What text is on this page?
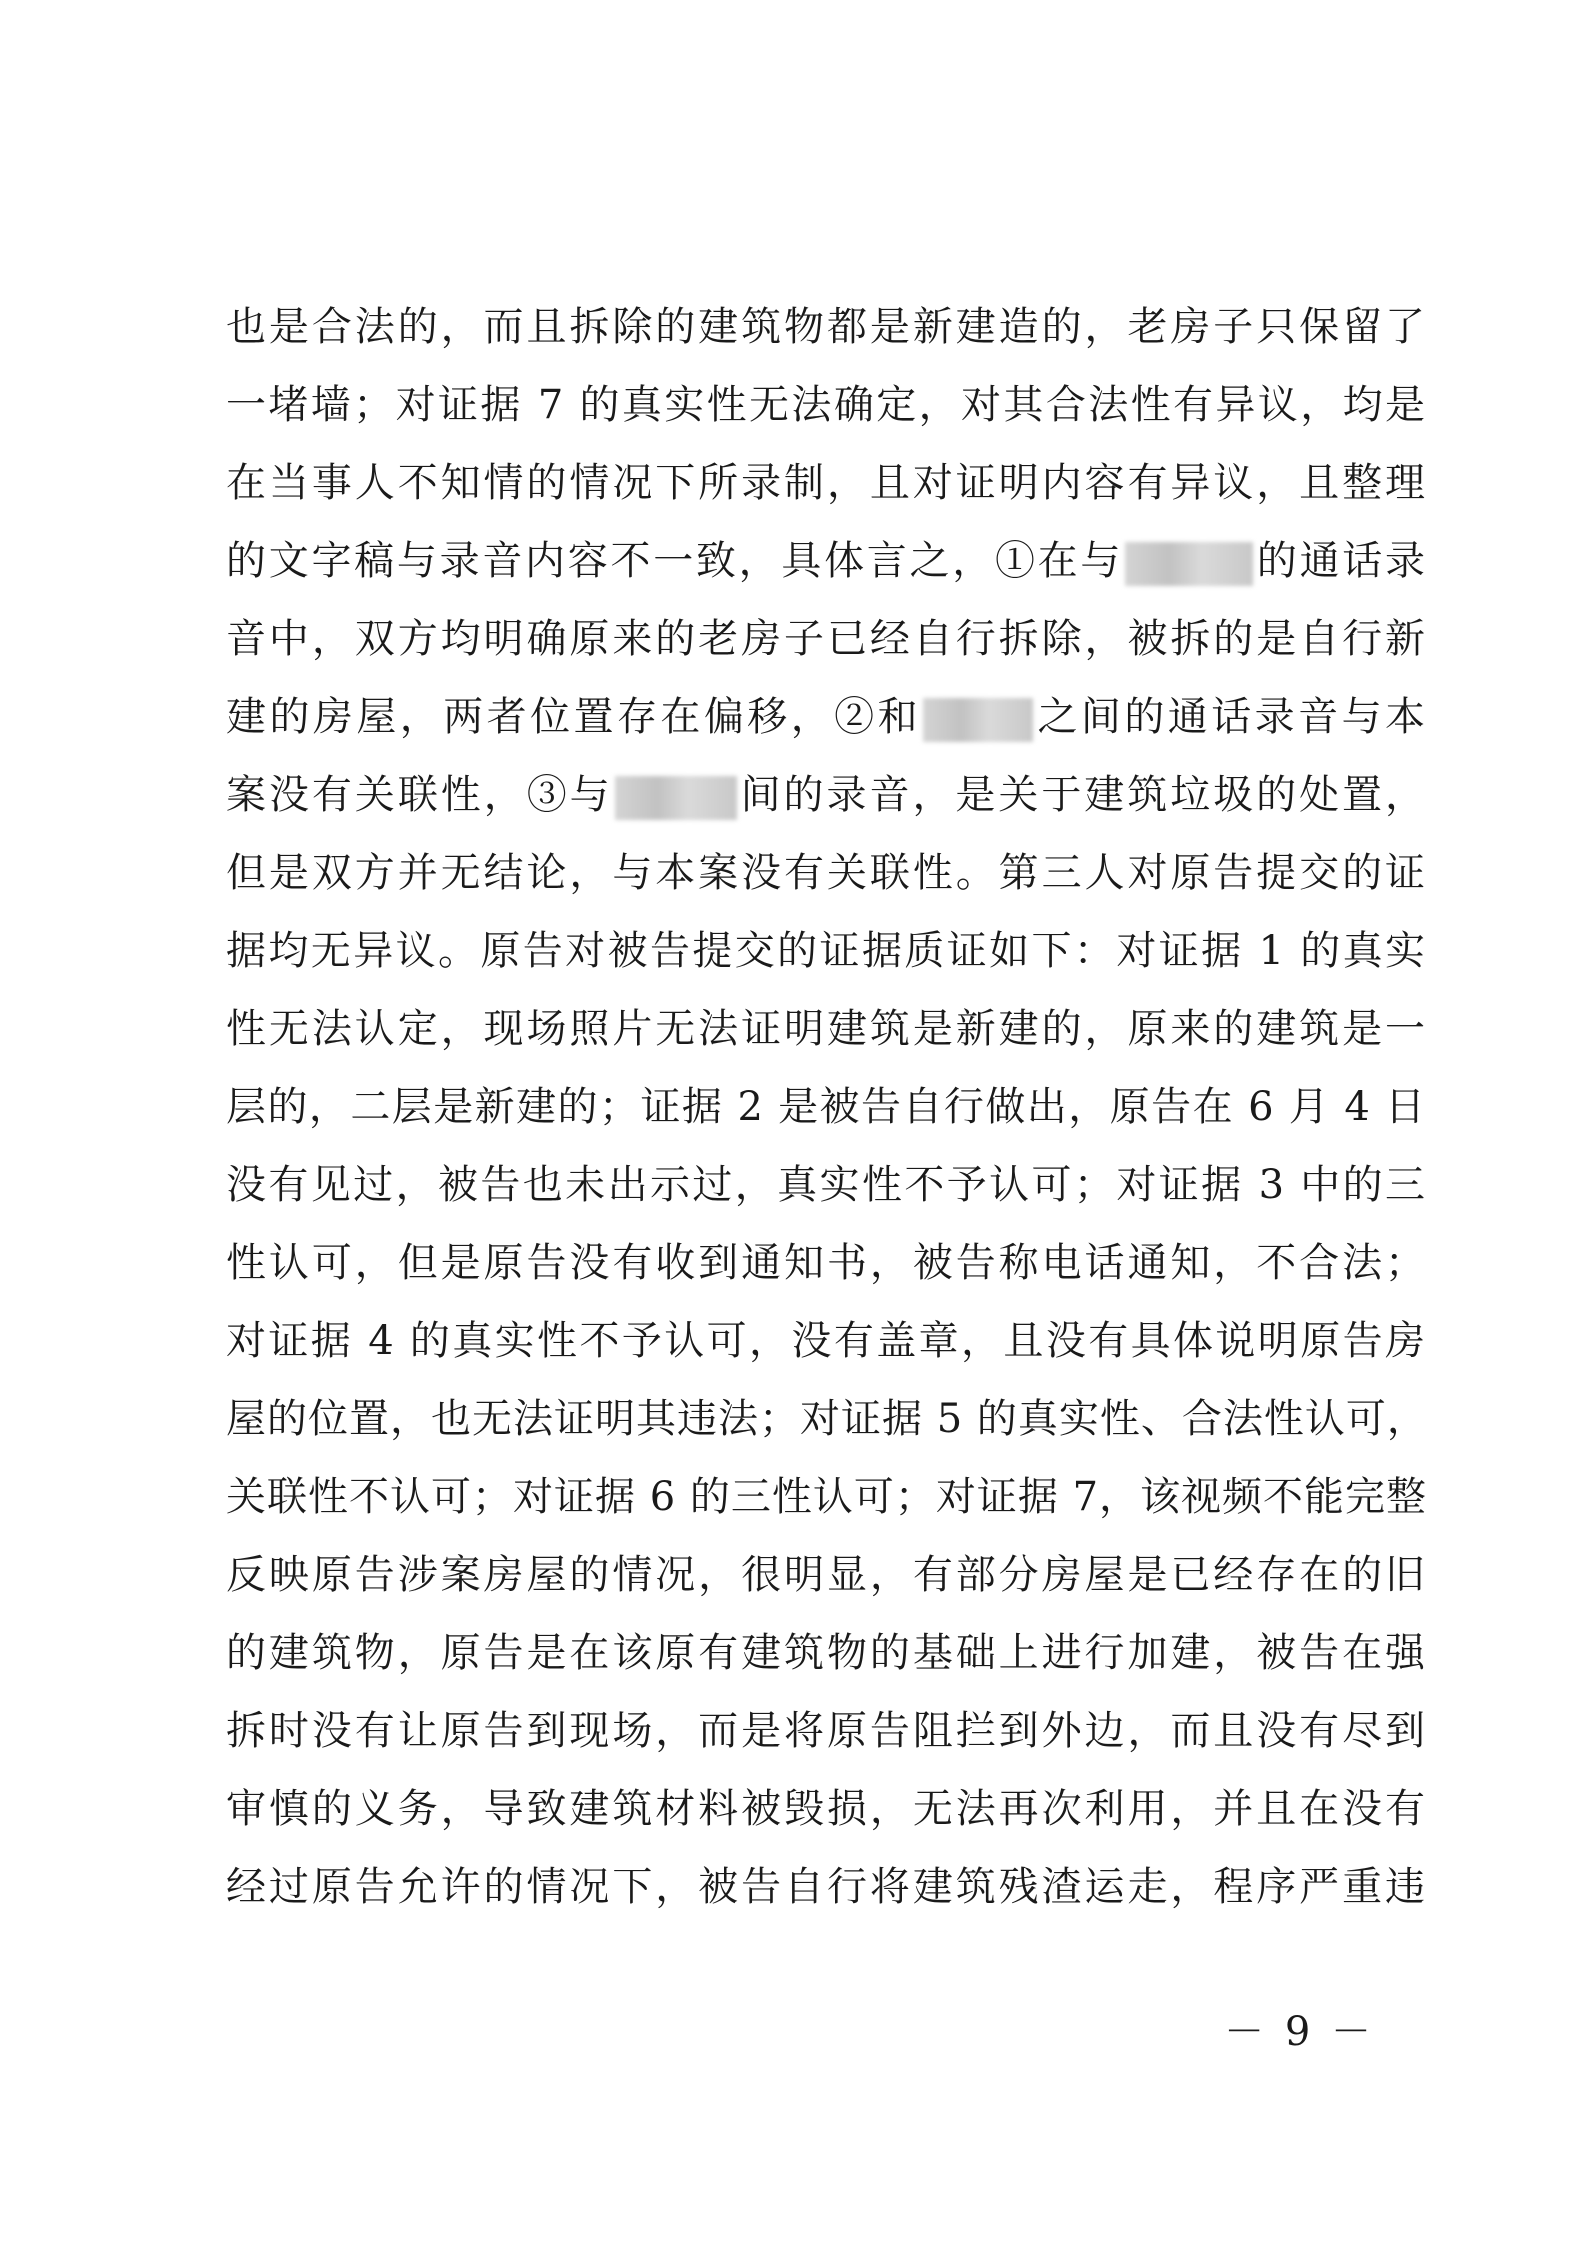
也是合法的，而且拆除的建筑物都是新建造的，老房子只保留了
一堵墙；对证据 7 的真实性无法确定，对其合法性有异议，均是
在当事人不知情的情况下所录制，且对证明内容有异议，且整理
的文字稿与录音内容不一致，具体言之，①在与	的通话录
音中，双方均明确原来的老房子已经自行拆除，被拆的是自行新
建的房屋，两者位置存在偏移，②和	之间的通话录音与本
案没有关联性，③与	间的录音，是关于建筑垃圾的处置，
但是双方并无结论，与本案没有关联性。第三人对原告提交的证
据均无异议。原告对被告提交的证据质证如下：对证据 1 的真实
性无法认定，现场照片无法证明建筑是新建的，原来的建筑是一
层的，二层是新建的；证据 2 是被告自行做出，原告在 6 月 4 日
没有见过，被告也未出示过，真实性不予认可；对证据 3 中的三
性认可，但是原告没有收到通知书，被告称电话通知，不合法；
对证据 4 的真实性不予认可，没有盖章，且没有具体说明原告房
屋的位置，也无法证明其违法；对证据 5 的真实性、合法性认可，
关联性不认可；对证据 6 的三性认可；对证据 7，该视频不能完整
反映原告涉案房屋的情况，很明显，有部分房屋是已经存在的旧
的建筑物，原告是在该原有建筑物的基础上进行加建，被告在强
拆时没有让原告到现场，而是将原告阻拦到外边，而且没有尽到
审慎的义务，导致建筑材料被毁损，无法再次利用，并且在没有
经过原告允许的情况下，被告自行将建筑残渣运走，程序严重违
－ 9 －
